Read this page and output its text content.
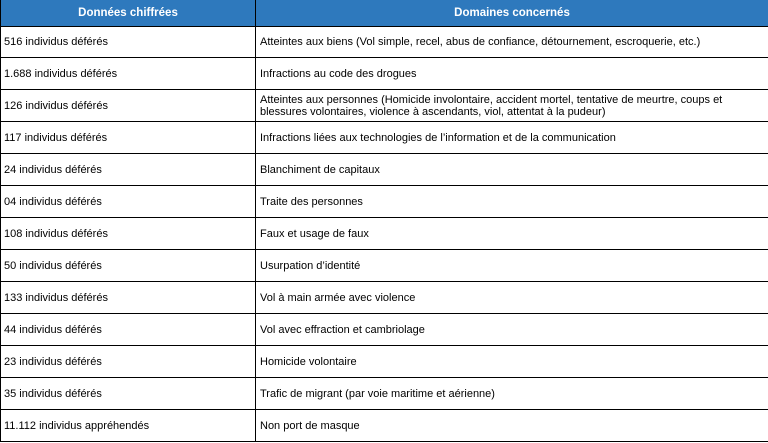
Données chiffrées	Domaines concernés
516 individus déférés	Atteintes aux biens (Vol simple, recel, abus de confiance, détournement, escroquerie, etc.)
1.688 individus déférés	Infractions au code des drogues
126 individus déférés	Atteintes aux personnes (Homicide involontaire, accident mortel, tentative de meurtre, coups et blessures volontaires, violence à ascendants, viol, attentat à la pudeur)
117 individus déférés	Infractions liées aux technologies de l’information et de la communication
24 individus déférés	Blanchiment de capitaux
04 individus déférés	Traite des personnes
108 individus déférés	Faux et usage de faux
50 individus déférés	Usurpation d’identité
133 individus déférés	Vol à main armée avec violence
44 individus déférés	Vol avec effraction et cambriolage
23 individus déférés	Homicide volontaire
35 individus déférés	Trafic de migrant (par voie maritime et aérienne)
11.112 individus appréhendés	Non port de masque
